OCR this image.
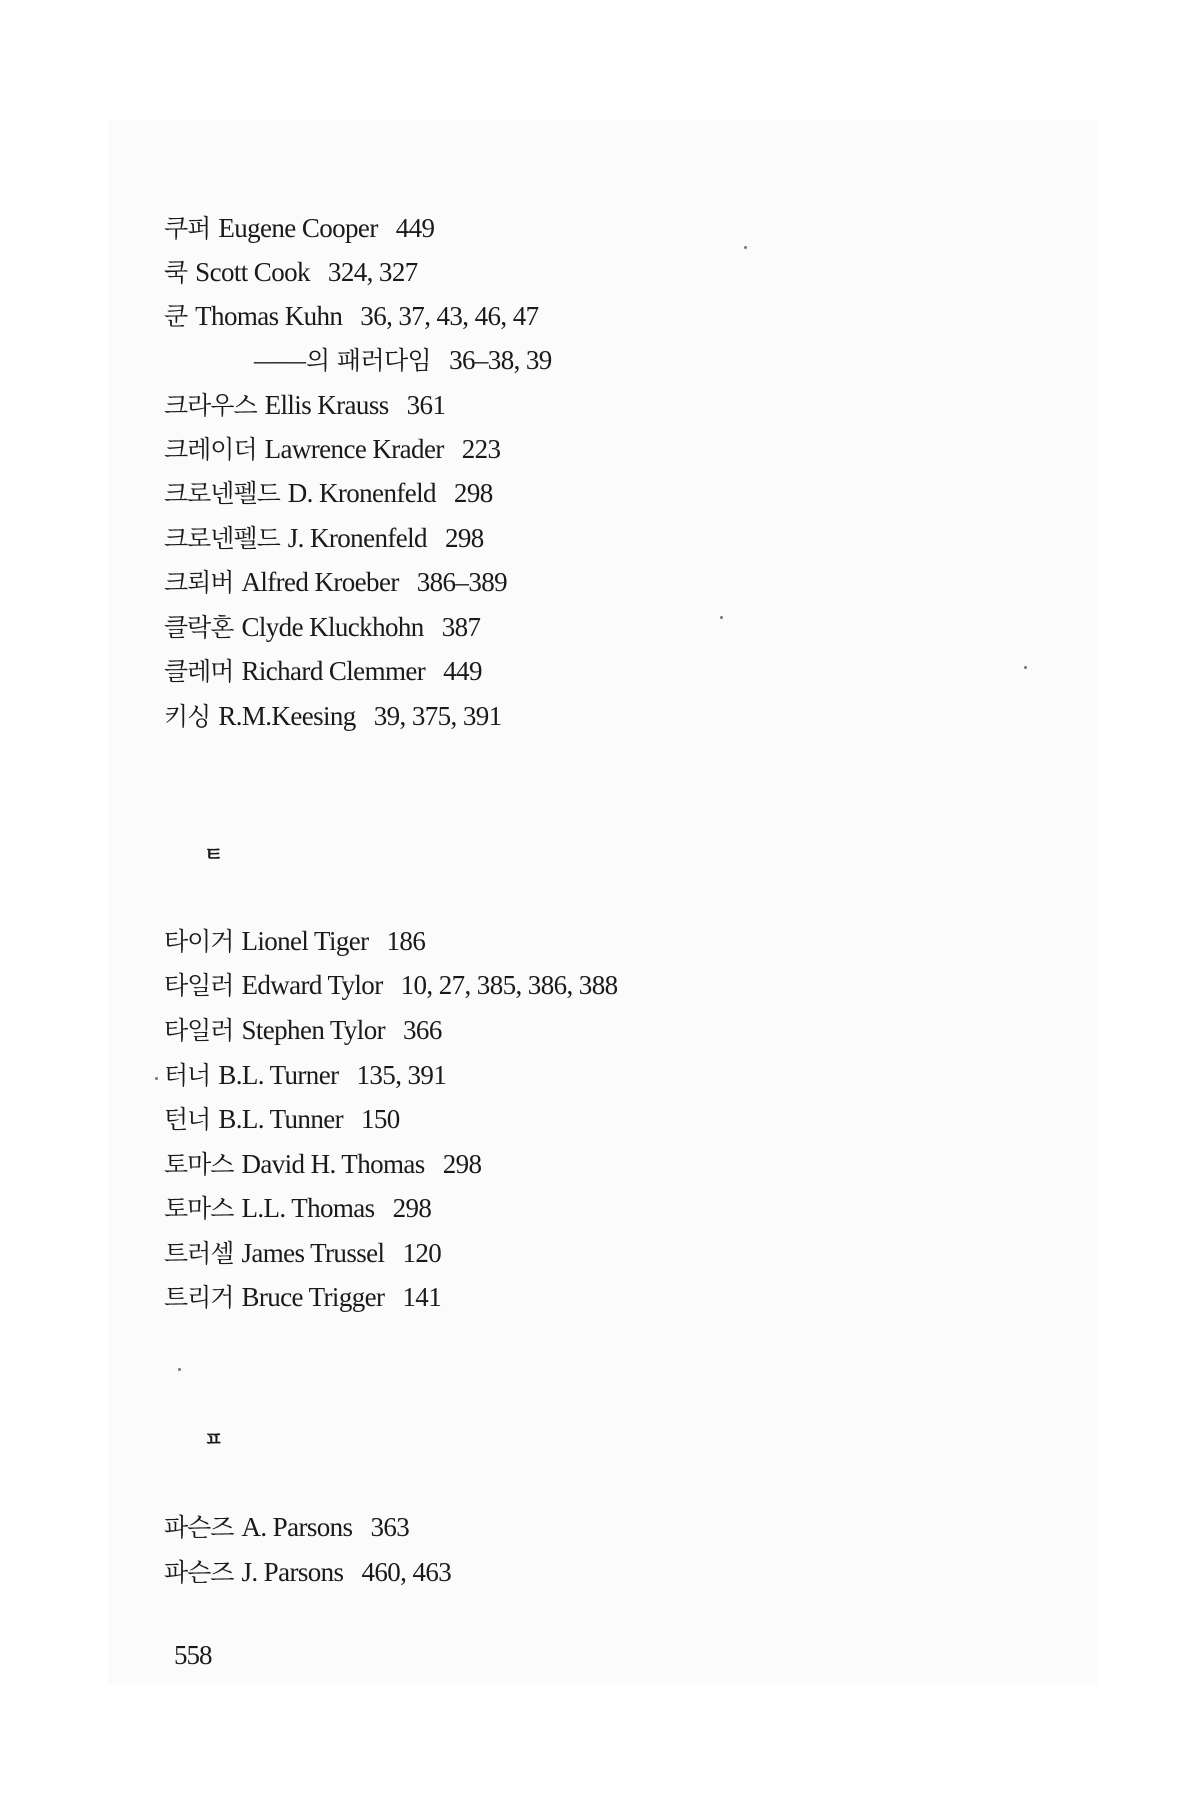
쿠퍼 Eugene Cooper 449
쿡 Scott Cook 324, 327
쿤 Thomas Kuhn 36, 37, 43, 46, 47
——의 패러다임 36–38, 39
크라우스 Ellis Krauss 361
크레이더 Lawrence Krader 223
크로넨펠드 D. Kronenfeld 298
크로넨펠드 J. Kronenfeld 298
크뢰버 Alfred Kroeber 386–389
클락혼 Clyde Kluckhohn 387
클레머 Richard Clemmer 449
키싱 R.M.Keesing 39, 375, 391
ㅌ
타이거 Lionel Tiger 186
타일러 Edward Tylor 10, 27, 385, 386, 388
타일러 Stephen Tylor 366
터너 B.L. Turner 135, 391
턴너 B.L. Tunner 150
토마스 David H. Thomas 298
토마스 L.L. Thomas 298
트러셀 James Trussel 120
트리거 Bruce Trigger 141
ㅍ
파슨즈 A. Parsons 363
파슨즈 J. Parsons 460, 463
558
